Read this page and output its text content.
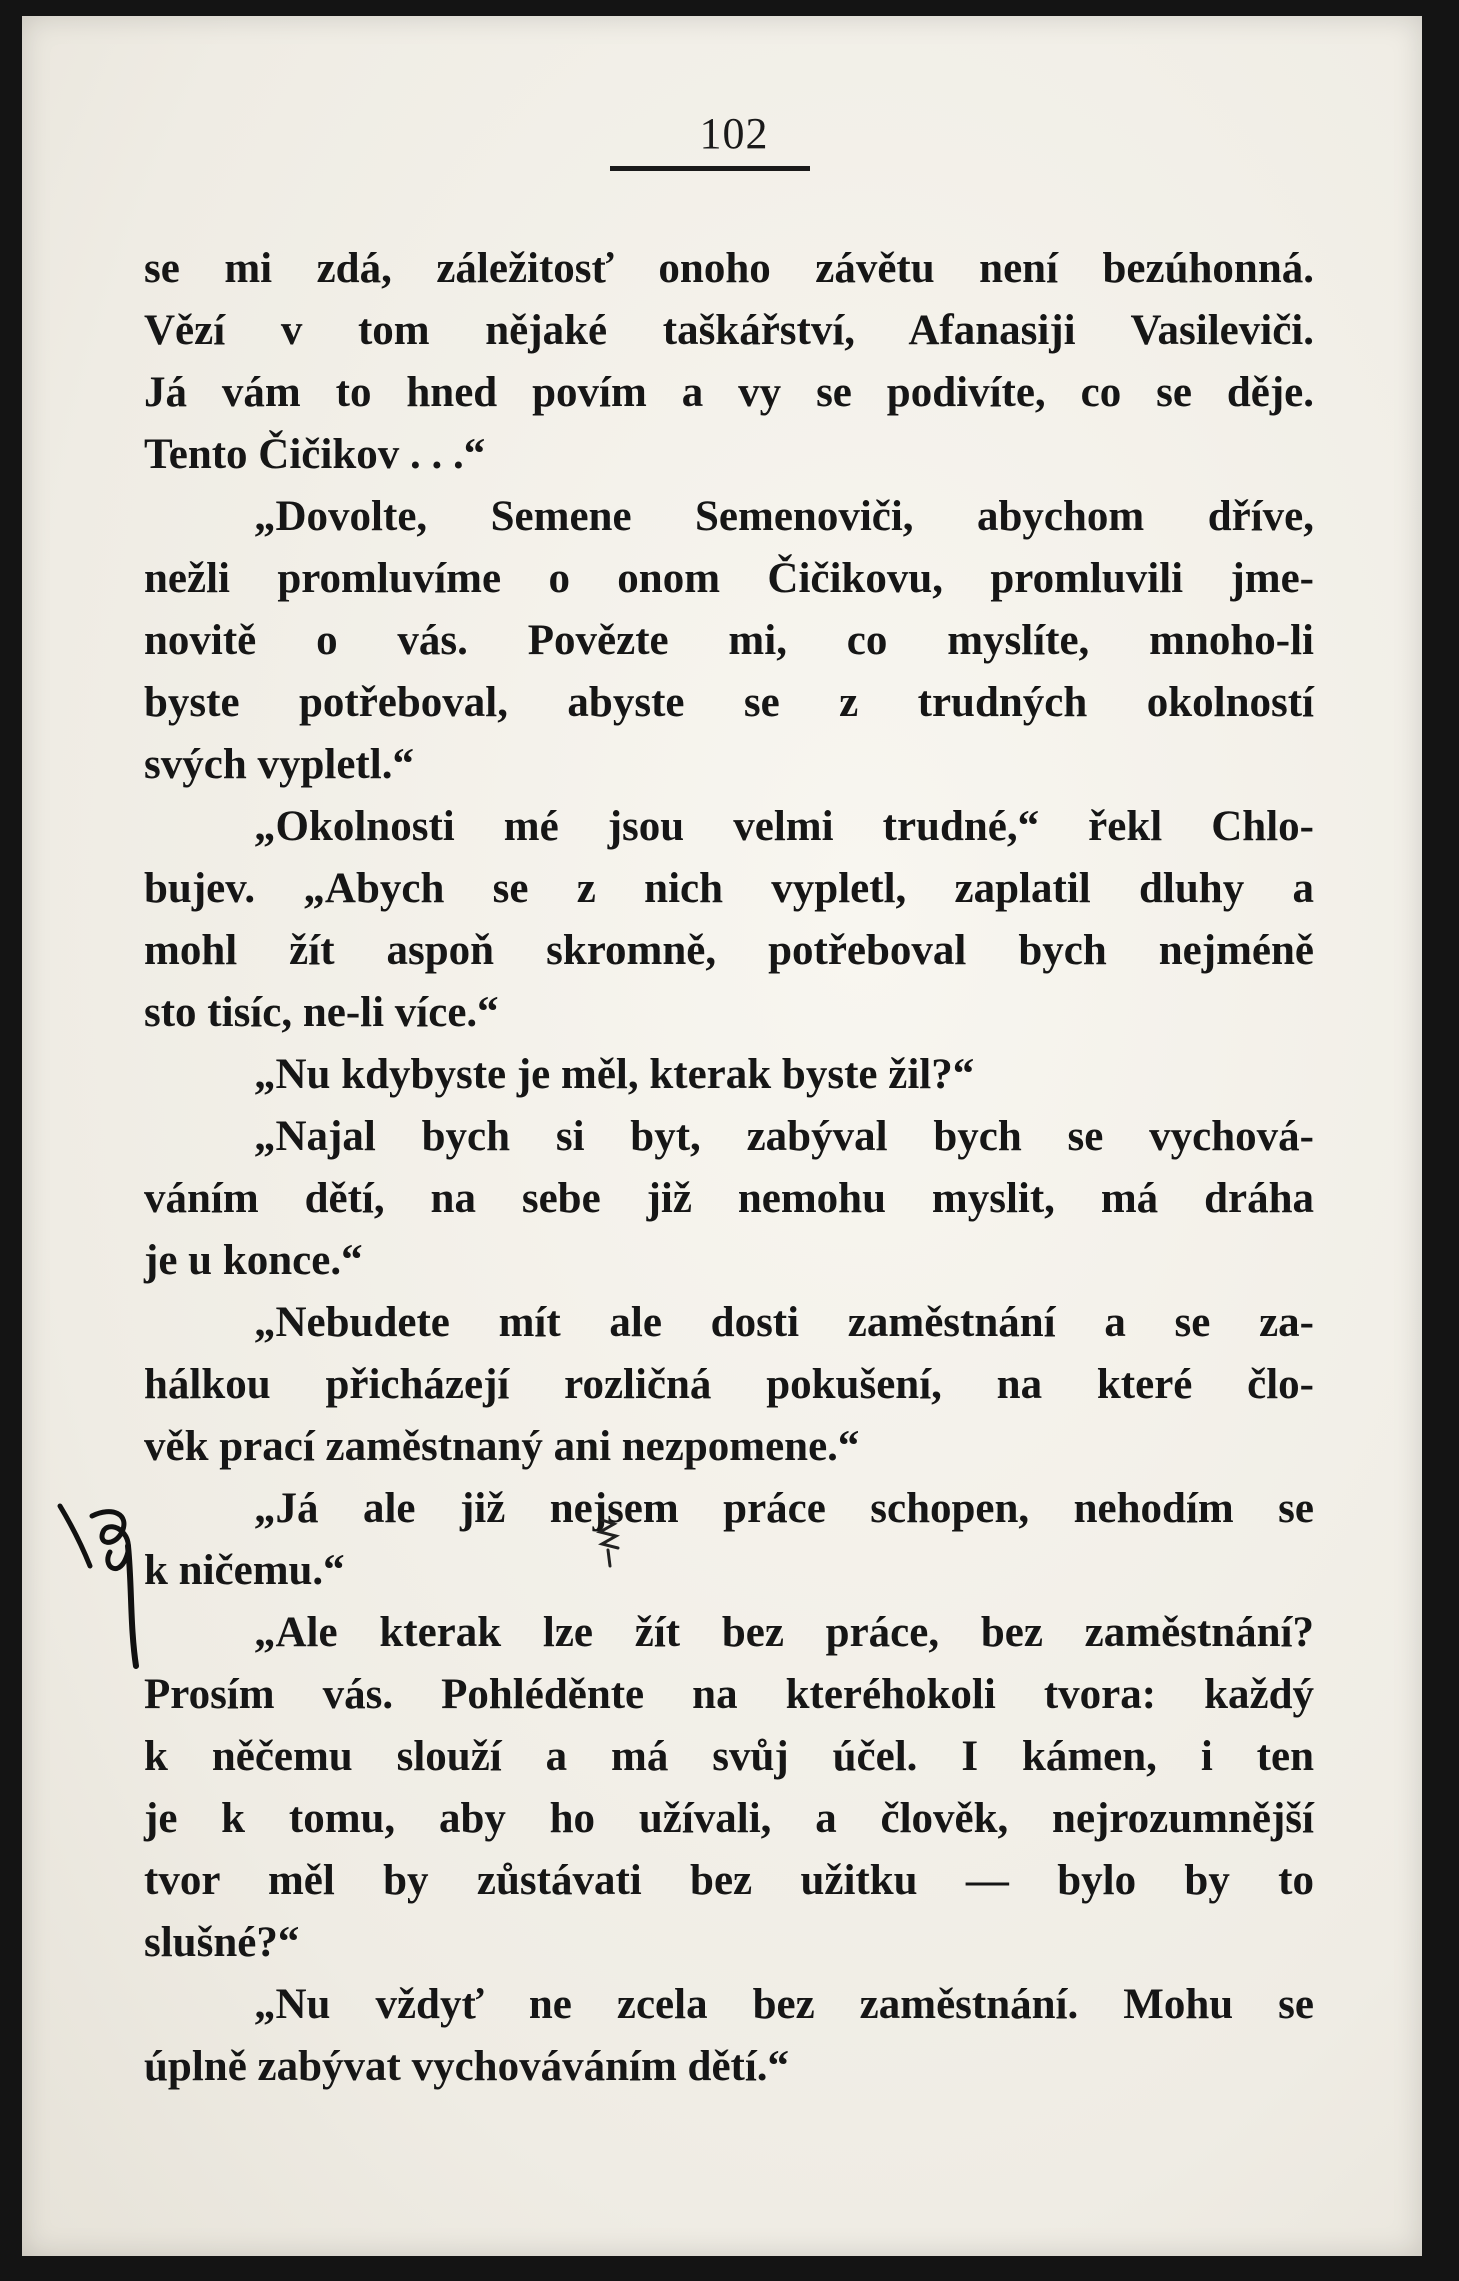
102
se mi zdá, záležitosť onoho závětu není bezúhonná.
Vězí v tom nějaké taškářství, Afanasiji Vasileviči.
Já vám to hned povím a vy se podivíte, co se děje.
Tento Čičikov . . .“
„Dovolte, Semene Semenoviči, abychom dříve,
nežli promluvíme o onom Čičikovu, promluvili jme-
novitě o vás. Povězte mi, co myslíte, mnoho-li
byste potřeboval, abyste se z trudných okolností
svých vypletl.“
„Okolnosti mé jsou velmi trudné,“ řekl Chlo-
bujev. „Abych se z nich vypletl, zaplatil dluhy a
mohl žít aspoň skromně, potřeboval bych nejméně
sto tisíc, ne-li více.“
„Nu kdybyste je měl, kterak byste žil?“
„Najal bych si byt, zabýval bych se vychová-
váním dětí, na sebe již nemohu myslit, má dráha
je u konce.“
„Nebudete mít ale dosti zaměstnání a se za-
hálkou přicházejí rozličná pokušení, na které člo-
věk prací zaměstnaný ani nezpomene.“
„Já ale již nejsem práce schopen, nehodím se
k ničemu.“
„Ale kterak lze žít bez práce, bez zaměstnání?
Prosím vás. Pohléděnte na kteréhokoli tvora: každý
k něčemu slouží a má svůj účel. I kámen, i ten
je k tomu, aby ho užívali, a člověk, nejrozumnější
tvor měl by zůstávati bez užitku — bylo by to
slušné?“
„Nu vždyť ne zcela bez zaměstnání. Mohu se
úplně zabývat vychováváním dětí.“
